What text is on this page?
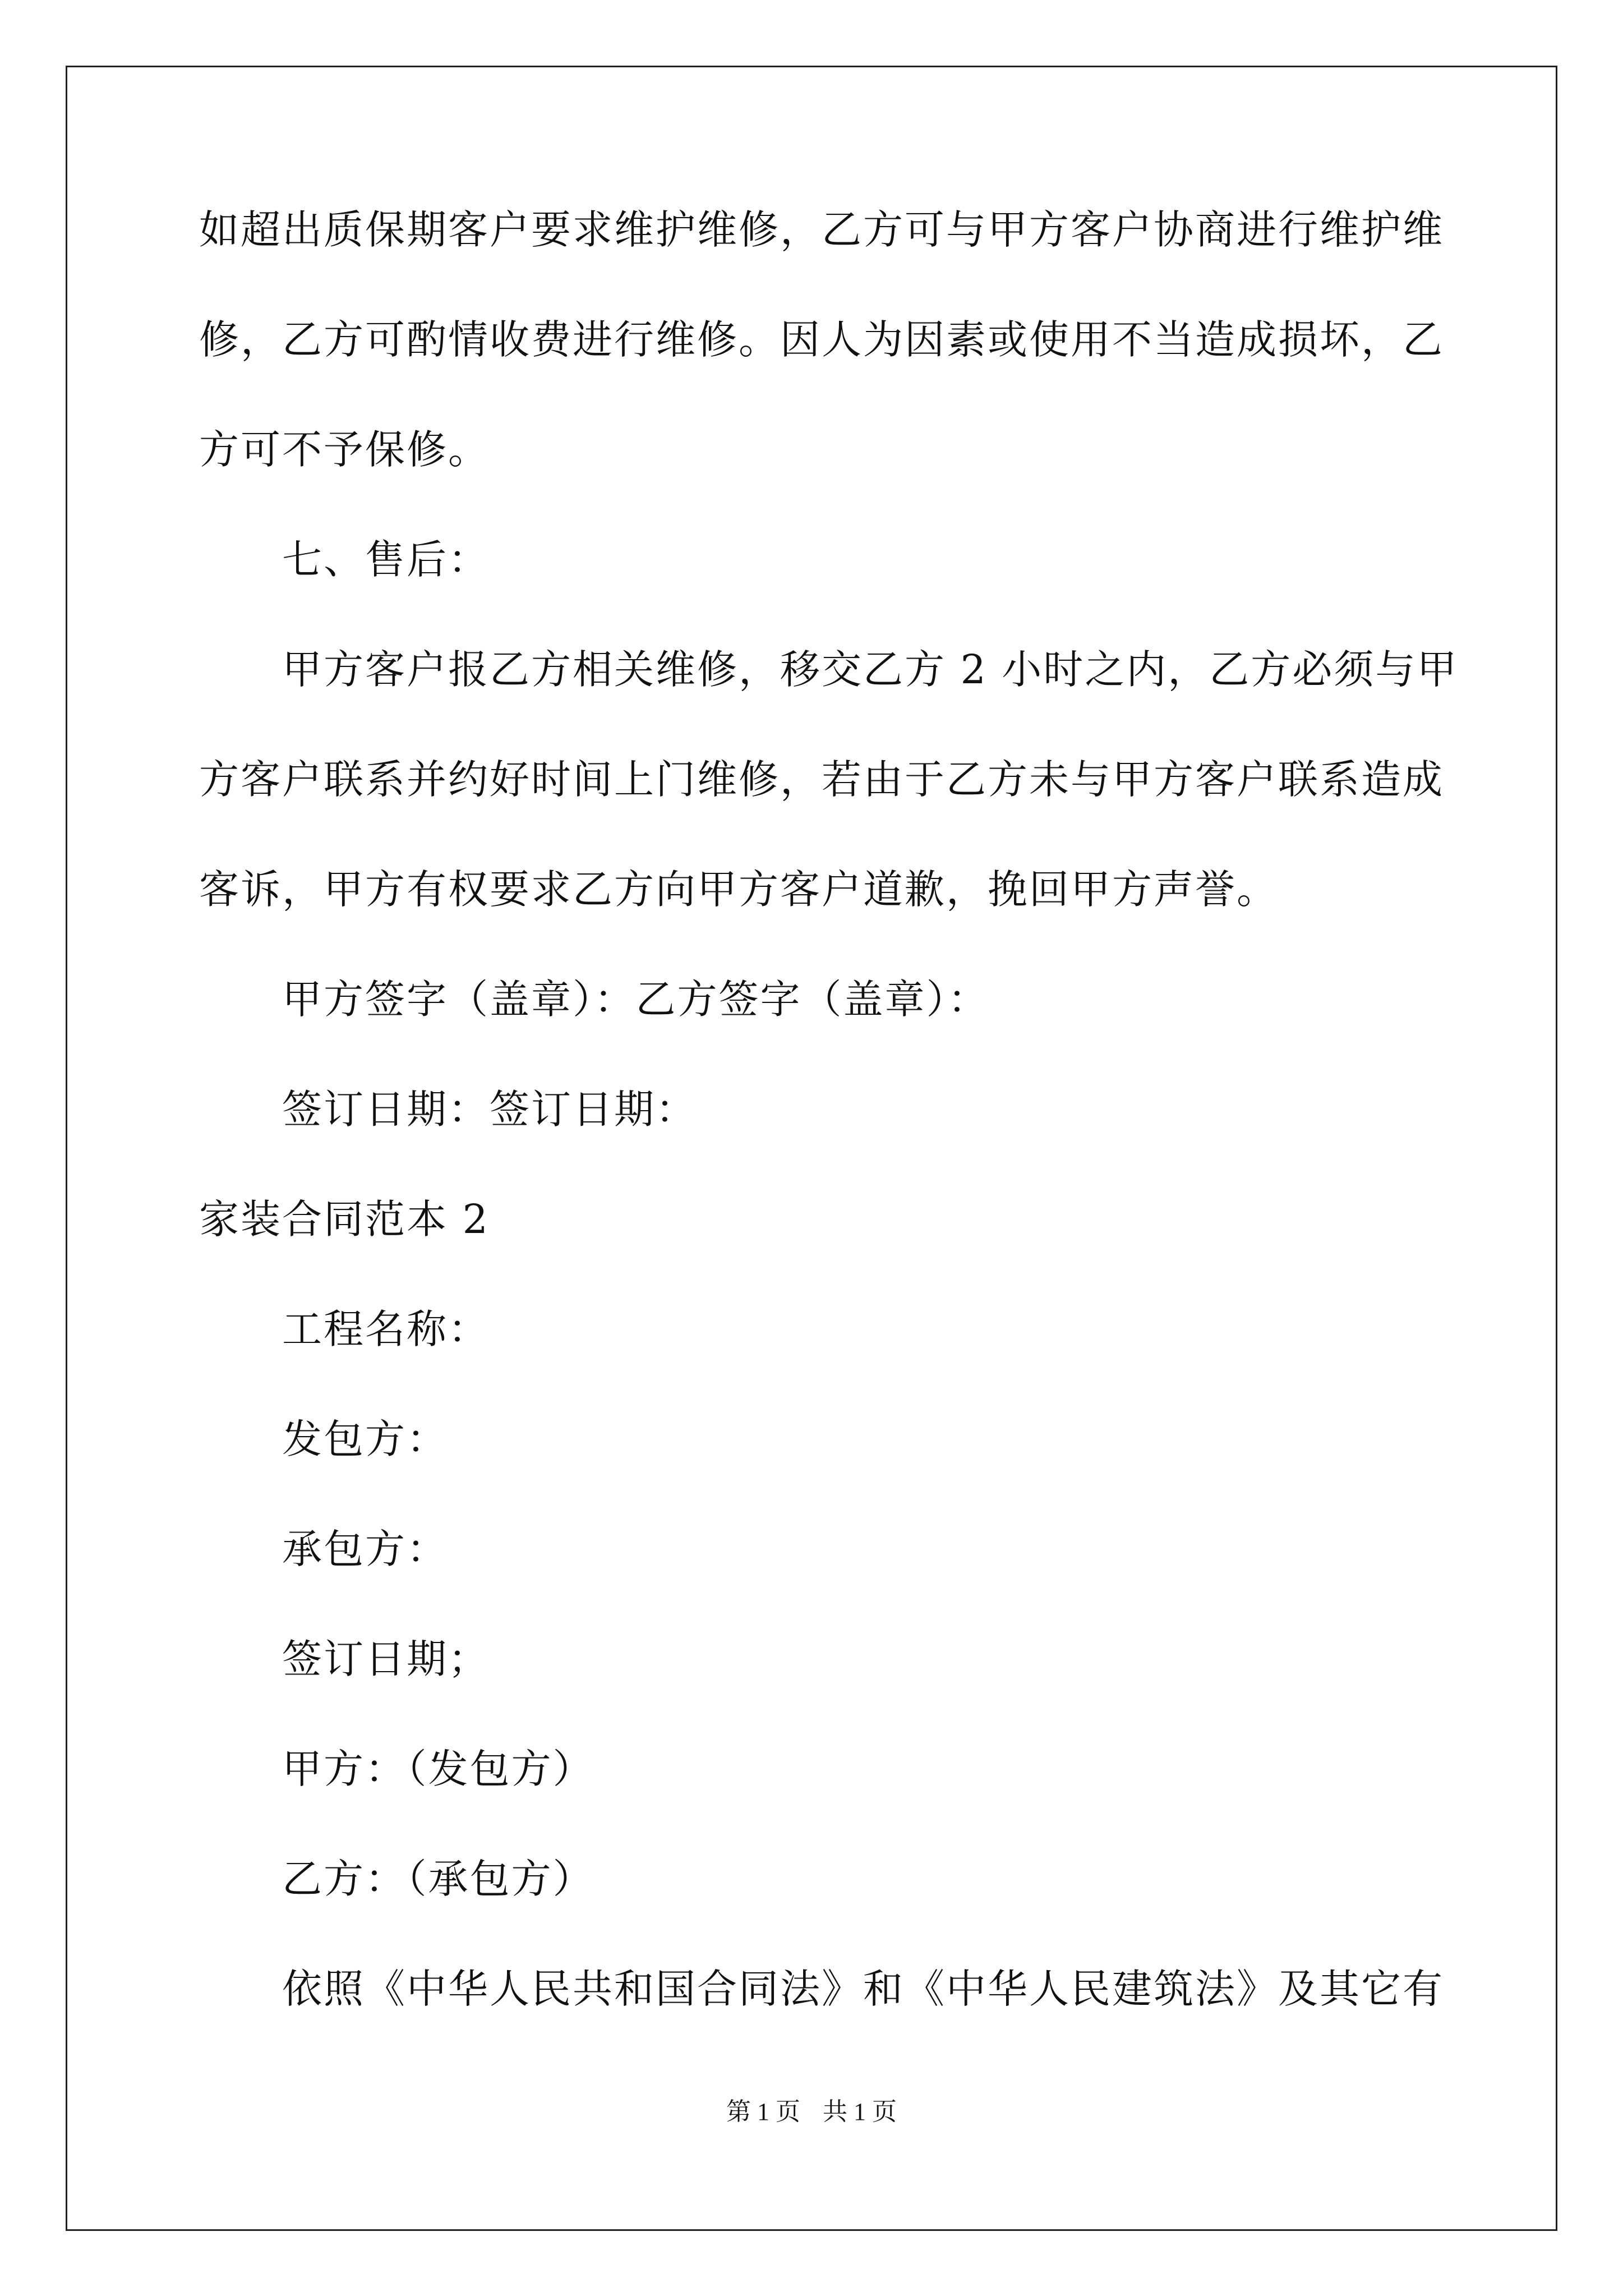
如超出质保期客户要求维护维修，乙方可与甲方客户协商进行维护维
修，乙方可酌情收费进行维修。因人为因素或使用不当造成损坏，乙
方可不予保修。
七、售后：
甲方客户报乙方相关维修，移交乙方 2 小时之内，乙方必须与甲
方客户联系并约好时间上门维修，若由于乙方未与甲方客户联系造成
客诉，甲方有权要求乙方向甲方客户道歉，挽回甲方声誉。
甲方签字（盖章）：乙方签字（盖章）：
签订日期：签订日期：
家装合同范本 2
工程名称：
发包方：
承包方：
签订日期；
甲方：（发包方）
乙方：（承包方）
依照《中华人民共和国合同法》和《中华人民建筑法》及其它有
第 1 页 共 1 页
